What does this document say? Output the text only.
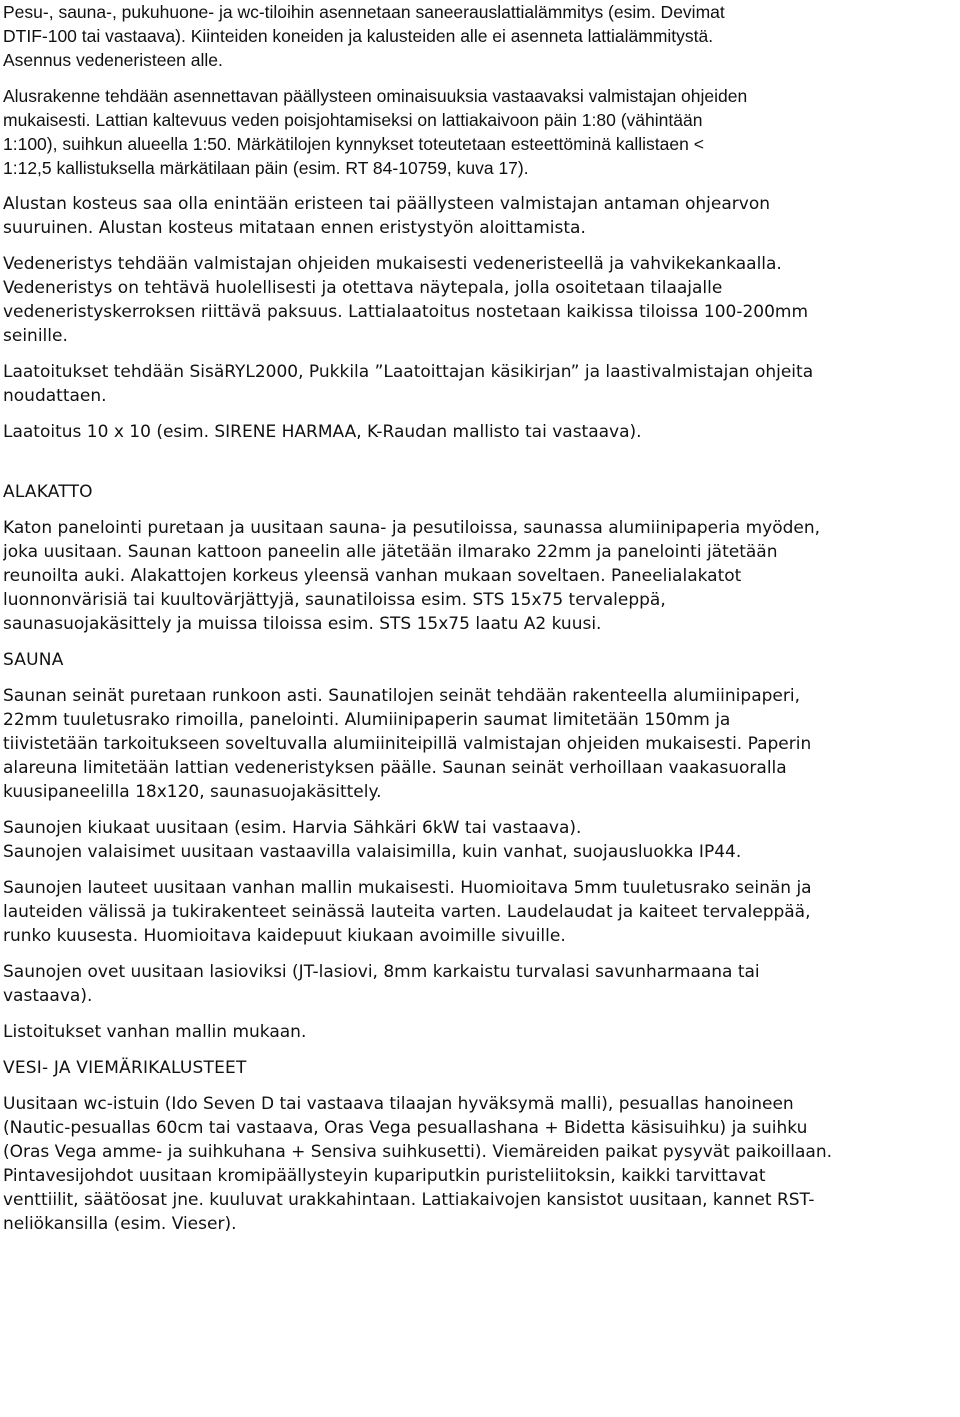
Pesu-, sauna-, pukuhuone- ja wc-tiloihin asennetaan saneerauslattialämmitys (esim. Devimat
DTIF-100 tai vastaava). Kiinteiden koneiden ja kalusteiden alle ei asenneta lattialämmitystä.
Asennus vedeneristeen alle.

Alusrakenne tehdään asennettavan päällysteen ominaisuuksia vastaavaksi valmistajan ohjeiden
mukaisesti. Lattian kaltevuus veden poisjohtamiseksi on lattiakaivoon päin 1:80 (vähintään
1:100), suihkun alueella 1:50. Märkätilojen kynnykset toteutetaan esteettöminä kallistaen <
1:12,5 kallistuksella märkätilaan päin (esim. RT 84-10759, kuva 17).

Alustan kosteus saa olla enintään eristeen tai päällysteen valmistajan antaman ohjearvon
suuruinen. Alustan kosteus mitataan ennen eristystyön aloittamista.

Vedeneristys tehdään valmistajan ohjeiden mukaisesti vedeneristeellä ja vahvikekankaalla.
Vedeneristys on tehtävä huolellisesti ja otettava näytepala, jolla osoitetaan tilaajalle
vedeneristyskerroksen riittävä paksuus. Lattialaatoitus nostetaan kaikissa tiloissa 100-200mm
seinille.

Laatoitukset tehdään SisäRYL2000, Pukkila ”Laatoittajan käsikirjan” ja laastivalmistajan ohjeita
noudattaen.

Laatoitus 10 x 10 (esim. SIRENE HARMAA, K-Raudan mallisto tai vastaava).

ALAKATTO

Katon panelointi puretaan ja uusitaan sauna- ja pesutiloissa, saunassa alumiinipaperia myöden,
joka uusitaan. Saunan kattoon paneelin alle jätetään ilmarako 22mm ja panelointi jätetään
reunoilta auki. Alakattojen korkeus yleensä vanhan mukaan soveltaen. Paneelialakatot
luonnonvärisiä tai kuultovärjättyjä, saunatiloissa esim. STS 15x75 tervaleppä,
saunasuojakäsittely ja muissa tiloissa esim. STS 15x75 laatu A2 kuusi.

SAUNA

Saunan seinät puretaan runkoon asti. Saunatilojen seinät tehdään rakenteella alumiinipaperi,
22mm tuuletusrako rimoilla, panelointi. Alumiinipaperin saumat limitetään 150mm ja
tiivistetään tarkoitukseen soveltuvalla alumiiniteipillä valmistajan ohjeiden mukaisesti. Paperin
alareuna limitetään lattian vedeneristyksen päälle. Saunan seinät verhoillaan vaakasuoralla
kuusipaneelilla 18x120, saunasuojakäsittely.

Saunojen kiukaat uusitaan (esim. Harvia Sähkäri 6kW tai vastaava).
Saunojen valaisimet uusitaan vastaavilla valaisimilla, kuin vanhat, suojausluokka IP44.

Saunojen lauteet uusitaan vanhan mallin mukaisesti. Huomioitava 5mm tuuletusrako seinän ja
lauteiden välissä ja tukirakenteet seinässä lauteita varten. Laudelaudat ja kaiteet tervaleppää,
runko kuusesta. Huomioitava kaidepuut kiukaan avoimille sivuille.

Saunojen ovet uusitaan lasioviksi (JT-lasiovi, 8mm karkaistu turvalasi savunharmaana tai
vastaava).

Listoitukset vanhan mallin mukaan.

VESI- JA VIEMÄRIKALUSTEET

Uusitaan wc-istuin (Ido Seven D tai vastaava tilaajan hyväksymä malli), pesuallas hanoineen
(Nautic-pesuallas 60cm tai vastaava, Oras Vega pesuallashana + Bidetta käsisuihku) ja suihku
(Oras Vega amme- ja suihkuhana + Sensiva suihkusetti). Viemäreiden paikat pysyvät paikoillaan.
Pintavesijohdot uusitaan kromipäällysteyin kupariputkin puristeliitoksin, kaikki tarvittavat
venttiilit, säätöosat jne. kuuluvat urakkahintaan. Lattiakaivojen kansistot uusitaan, kannet RST-
neliökansilla (esim. Vieser).
